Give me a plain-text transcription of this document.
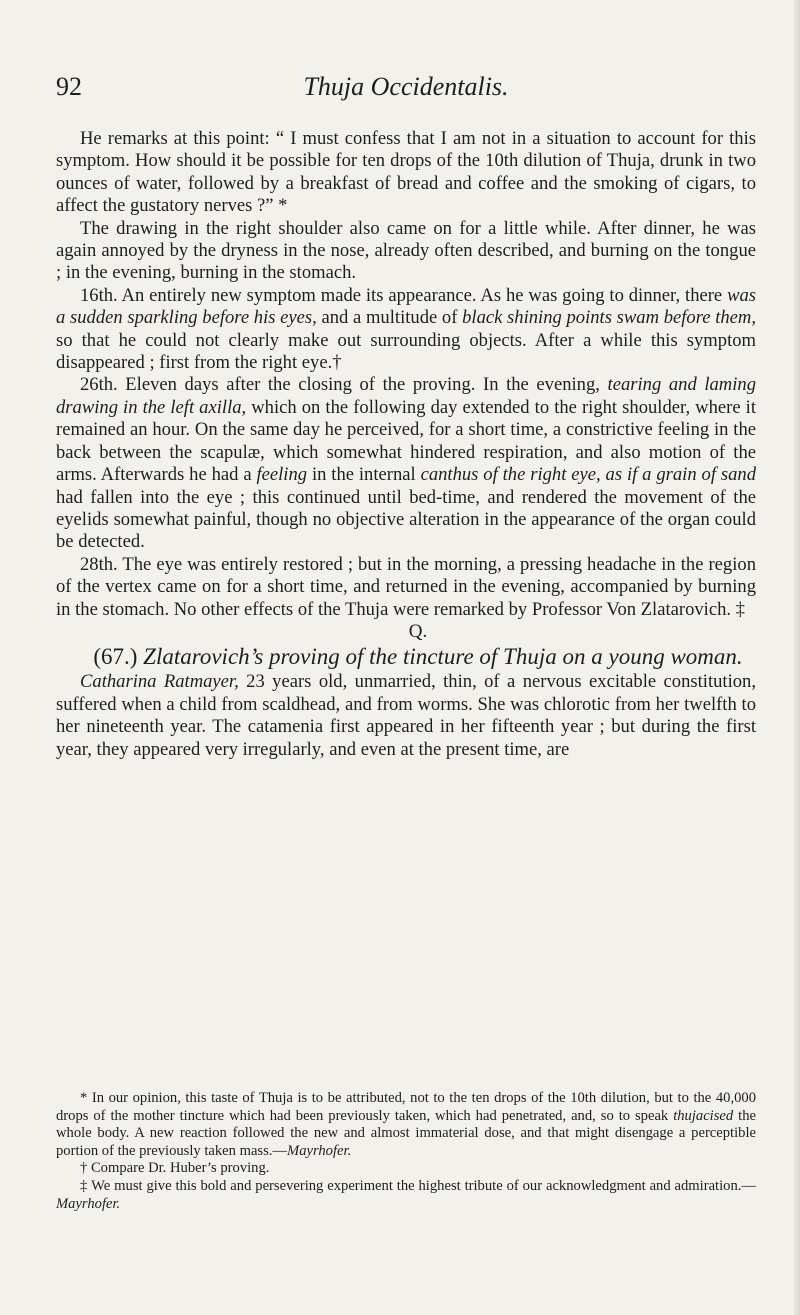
92	Thuja Occidentalis.

He remarks at this point: “ I must confess that I am not in a situation to account for this symptom. How should it be possible for ten drops of the 10th dilution of Thuja, drunk in two ounces of water, followed by a breakfast of bread and coffee and the smoking of cigars, to affect the gustatory nerves ?” *

The drawing in the right shoulder also came on for a little while. After dinner, he was again annoyed by the dryness in the nose, already often described, and burning on the tongue ; in the evening, burning in the stomach.

16th. An entirely new symptom made its appearance. As he was going to dinner, there was a sudden sparkling before his eyes, and a multitude of black shining points swam before them, so that he could not clearly make out surrounding objects. After a while this symptom disappeared ; first from the right eye.†

26th. Eleven days after the closing of the proving. In the evening, tearing and laming drawing in the left axilla, which on the following day extended to the right shoulder, where it remained an hour. On the same day he perceived, for a short time, a constrictive feeling in the back between the scapulæ, which somewhat hindered respiration, and also motion of the arms. Afterwards he had a feeling in the internal canthus of the right eye, as if a grain of sand had fallen into the eye ; this continued until bed-time, and rendered the movement of the eyelids somewhat painful, though no objective alteration in the appearance of the organ could be detected.

28th. The eye was entirely restored ; but in the morning, a pressing headache in the region of the vertex came on for a short time, and returned in the evening, accompanied by burning in the stomach. No other effects of the Thuja were remarked by Professor Von Zlatarovich. ‡

Q.

(67.) Zlatarovich’s proving of the tincture of Thuja on a young woman.

Catharina Ratmayer, 23 years old, unmarried, thin, of a nervous excitable constitution, suffered when a child from scaldhead, and from worms. She was chlorotic from her twelfth to her nineteenth year. The catamenia first appeared in her fifteenth year ; but during the first year, they appeared very irregularly, and even at the present time, are

* In our opinion, this taste of Thuja is to be attributed, not to the ten drops of the 10th dilution, but to the 40,000 drops of the mother tincture which had been previously taken, which had penetrated, and, so to speak thujacised the whole body. A new reaction followed the new and almost immaterial dose, and that might disengage a perceptible portion of the previously taken mass.—Mayrhofer.

† Compare Dr. Huber’s proving.

‡ We must give this bold and persevering experiment the highest tribute of our acknowledgment and admiration.—Mayrhofer.
